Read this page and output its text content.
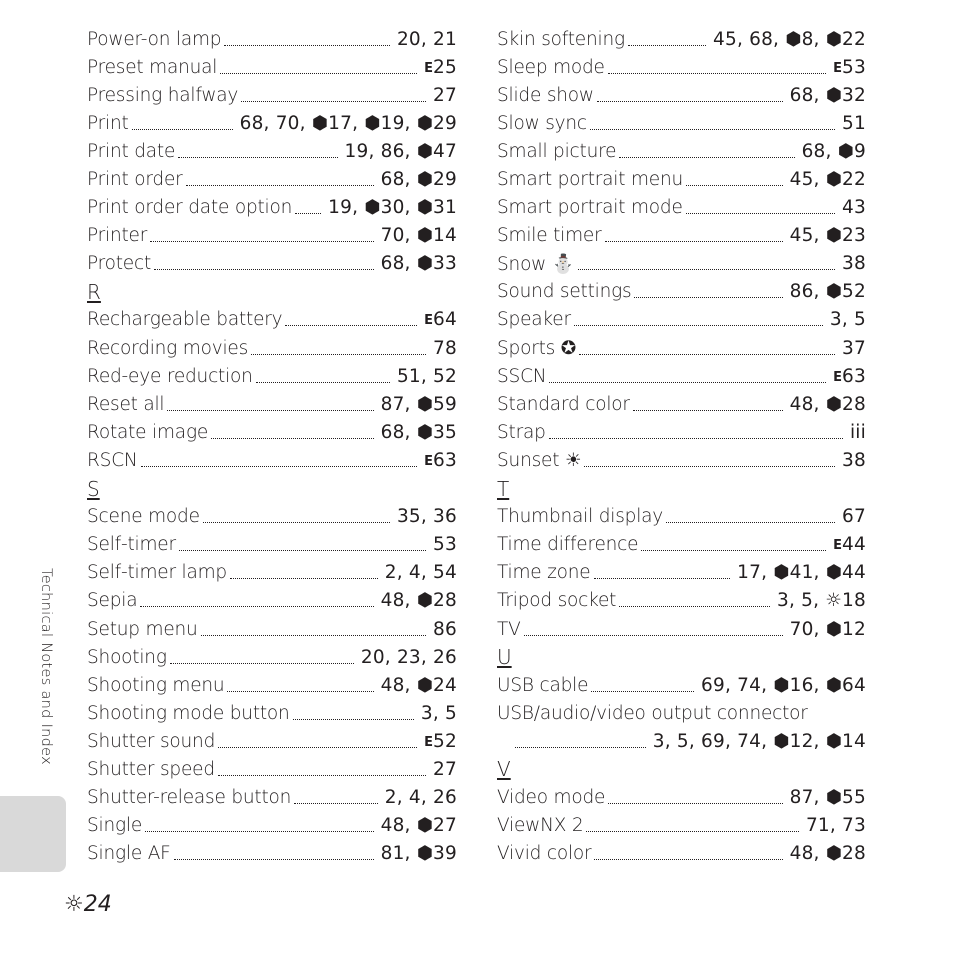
Power-on lamp	20, 21
Preset manual	E 25
Pressing halfway	27
Print	68, 70, ⬢17, ⬢19, ⬢29
Print date	19, 86, ⬢47
Print order	68, ⬢29
Print order date option 19, ⬢30, ⬢31
Printer	70, ⬢14
Protect	68, ⬢33
R
Rechargeable battery	E 64
Recording movies	78
Red-eye reduction	51, 52
Reset all	87, ⬢59
Rotate image	68, ⬢35
RSCN	E 63
S
Scene mode	35, 36
Self-timer	53
Self-timer lamp	2, 4, 54
Sepia	48, ⬢28
Setup menu	86
Shooting	20, 23, 26
Shooting menu	48, ⬢24
Shooting mode button	3, 5
Shutter sound	E 52
Shutter speed	27
Shutter-release button	2, 4, 26
Single	48, ⬢27
Single AF	81, ⬢39
Skin softening	45, 68, ⬢8, ⬢22
Sleep mode	E 53
Slide show	68, ⬢32
Slow sync	51
Small picture	68, ⬢9
Smart portrait menu	45, ⬢22
Smart portrait mode	43
Smile timer	45, ⬢23
Snow ⛄	38
Sound settings	86, ⬢52
Speaker	3, 5
Sports ✪	37
SSCN	E 63
Standard color	48, ⬢28
Strap	iii
Sunset ☀	38
T
Thumbnail display	67
Time difference	E 44
Time zone	17, ⬢41, ⬢44
Tripod socket	3, 5, ☼18
TV	70, ⬢12
U
USB cable	69, 74, ⬢16, ⬢64
USB/audio/video output connector
3, 5, 69, 74, ⬢12, ⬢14
V
Video mode	87, ⬢55
ViewNX 2	71, 73
Vivid color	48, ⬢28
Technical Notes and Index
☼24
